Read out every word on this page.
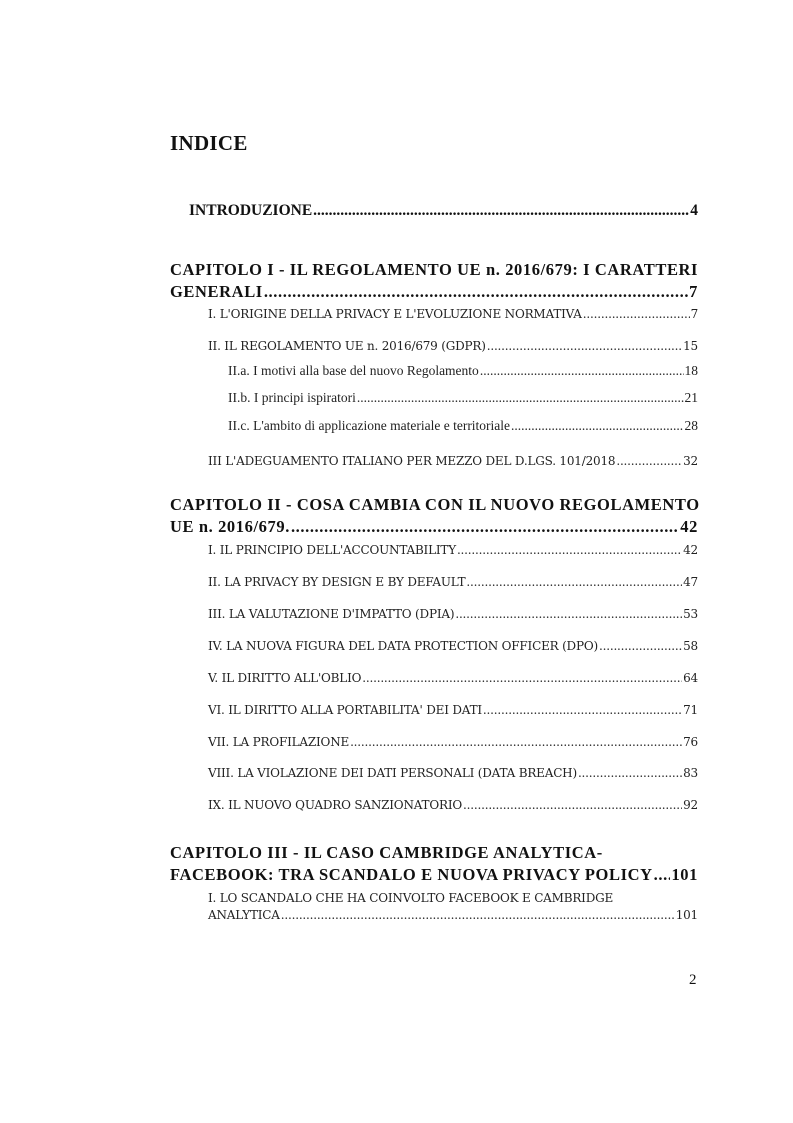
INDICE
INTRODUZIONE .....	4
CAPITOLO I - IL REGOLAMENTO UE n. 2016/679: I CARATTERI
GENERALI .....	7
I. L'ORIGINE DELLA PRIVACY E L'EVOLUZIONE NORMATIVA .....	7
II. IL REGOLAMENTO UE n. 2016/679 (GDPR) .....	15
II.a. I motivi alla base del nuovo Regolamento .....	18
II.b. I principi ispiratori .....	21
II.c. L'ambito di applicazione materiale e territoriale .....	28
III L'ADEGUAMENTO ITALIANO PER MEZZO DEL D.LGS. 101/2018 .....	32
CAPITOLO II - COSA CAMBIA CON IL NUOVO REGOLAMENTO
UE n. 2016/679. .....	42
I. IL PRINCIPIO DELL'ACCOUNTABILITY .....	42
II. LA PRIVACY BY DESIGN E BY DEFAULT .....	47
III. LA VALUTAZIONE D'IMPATTO (DPIA) .....	53
IV. LA NUOVA FIGURA DEL DATA PROTECTION OFFICER (DPO) .....	58
V. IL DIRITTO ALL'OBLIO .....	64
VI. IL DIRITTO ALLA PORTABILITA' DEI DATI .....	71
VII. LA PROFILAZIONE .....	76
VIII. LA VIOLAZIONE DEI DATI PERSONALI (DATA BREACH) .....	83
IX. IL NUOVO QUADRO SANZIONATORIO .....	92
CAPITOLO III - IL CASO CAMBRIDGE ANALYTICA-
FACEBOOK: TRA SCANDALO E NUOVA PRIVACY POLICY ..... 101
I. LO SCANDALO CHE HA COINVOLTO FACEBOOK E CAMBRIDGE
ANALYTICA .....	101
2
